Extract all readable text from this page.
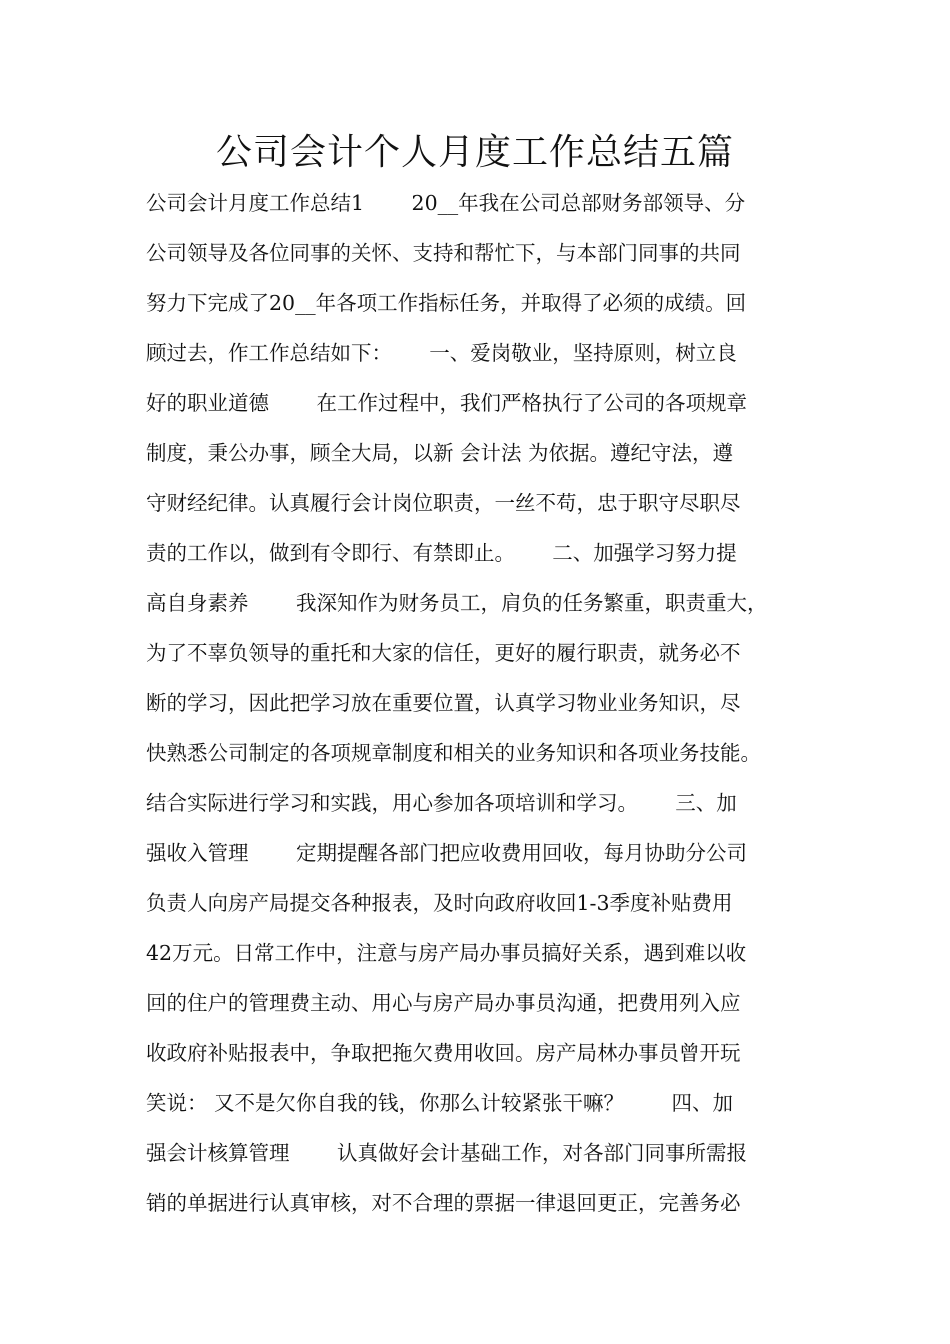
公司会计个人月度工作总结五篇
公司会计月度工作总结1　　 20__年我在公司总部财务部领导、分
公司领导及各位同事的关怀、支持和帮忙下，与本部门同事的共同
努力下完成了20__年各项工作指标任务，并取得了必须的成绩。回
顾过去，作工作总结如下：　　 一、爱岗敬业，坚持原则，树立良
好的职业道德　　 在工作过程中，我们严格执行了公司的各项规章
制度，秉公办事，顾全大局，以新 会计法 为依据。遵纪守法，遵
守财经纪律。认真履行会计岗位职责，一丝不苟，忠于职守尽职尽
责的工作以，做到有令即行、有禁即止。　　 二、加强学习努力提
高自身素养　　 我深知作为财务员工，肩负的任务繁重，职责重大，
为了不辜负领导的重托和大家的信任，更好的履行职责，就务必不
断的学习，因此把学习放在重要位置，认真学习物业业务知识，尽
快熟悉公司制定的各项规章制度和相关的业务知识和各项业务技能。
结合实际进行学习和实践，用心参加各项培训和学习。　　 三、加
强收入管理　　 定期提醒各部门把应收费用回收，每月协助分公司
负责人向房产局提交各种报表，及时向政府收回1-3季度补贴费用
42万元。日常工作中，注意与房产局办事员搞好关系，遇到难以收
回的住户的管理费主动、用心与房产局办事员沟通，把费用列入应
收政府补贴报表中，争取把拖欠费用收回。房产局林办事员曾开玩
笑说： 又不是欠你自我的钱，你那么计较紧张干嘛？　　 四、加
强会计核算管理　　 认真做好会计基础工作，对各部门同事所需报
销的单据进行认真审核，对不合理的票据一律退回更正，完善务必
